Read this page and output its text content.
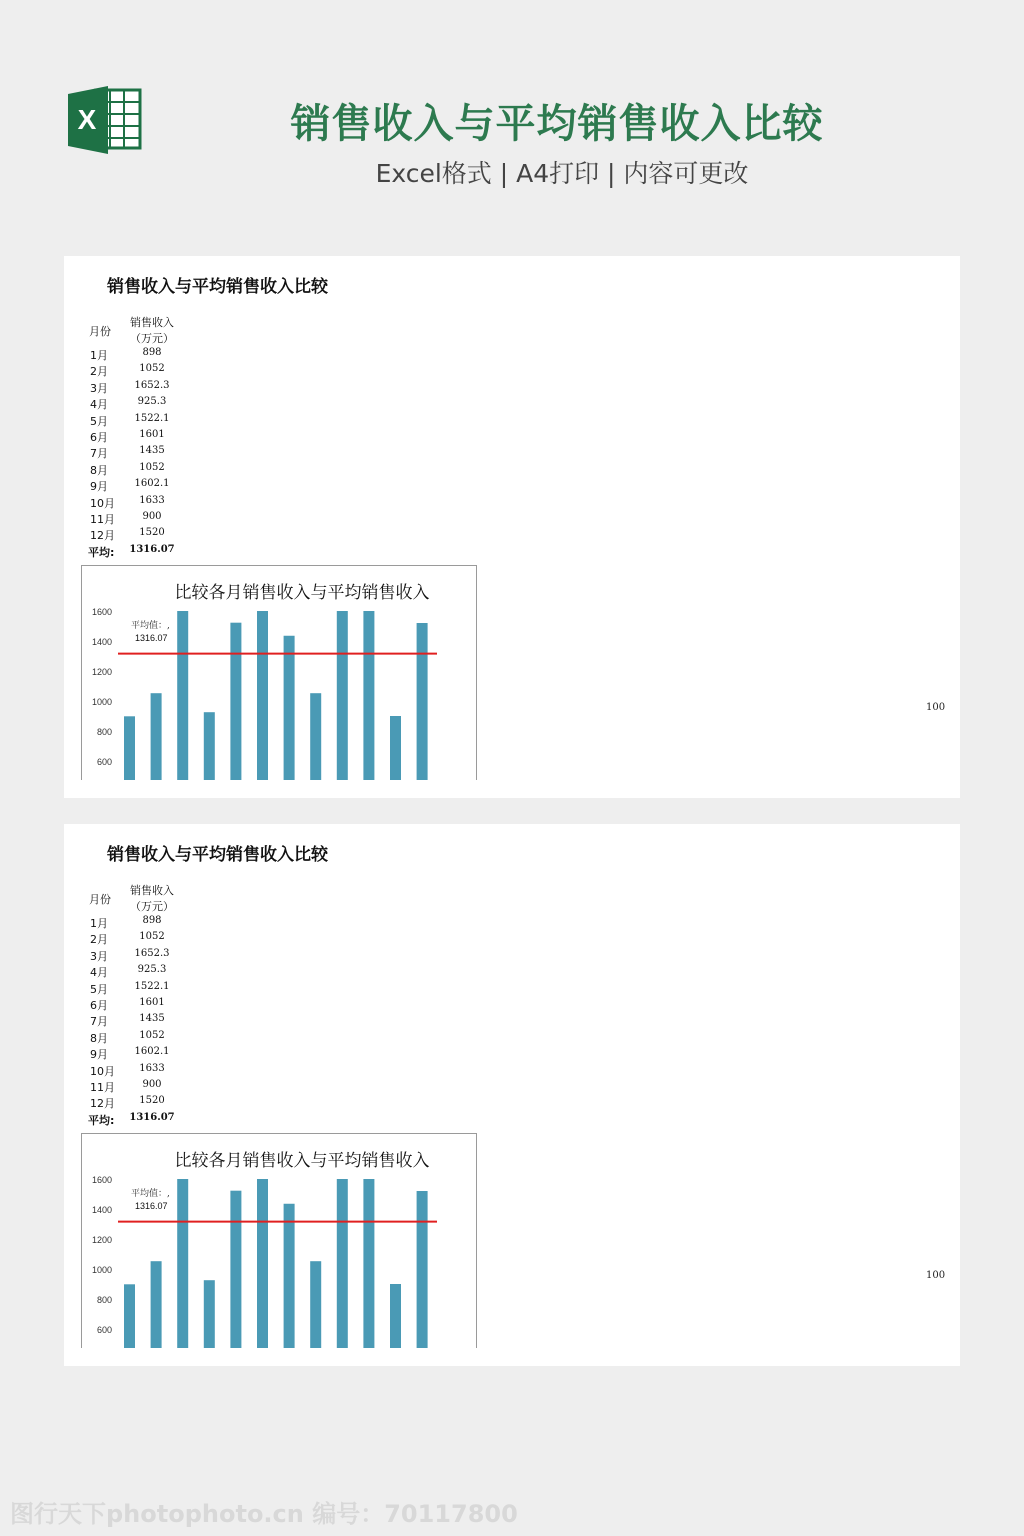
X	销售收入与平均销售收入比较
Excel格式 | A4打印 | 内容可更改
销售收入与平均销售收入比较
月份
销售收入
（万元）
1月	898
2月	1052
3月	1652.3
4月	925.3
5月	1522.1
6月	1601
7月	1435
8月	1052
9月	1602.1
10月	1633
11月	900
12月	1520
平均:	1316.07
比较各月销售收入与平均销售收入
1600
1400
1200
1000
800
600
平均值：,
1316.07
100
销售收入与平均销售收入比较
月份
销售收入
（万元）
1月	898
2月	1052
3月	1652.3
4月	925.3
5月	1522.1
6月	1601
7月	1435
8月	1052
9月	1602.1
10月	1633
11月	900
12月	1520
平均:	1316.07
比较各月销售收入与平均销售收入
1600
1400
1200
1000
800
600
平均值：,
1316.07
100
图行天下photophoto.cn 编号：70117800
